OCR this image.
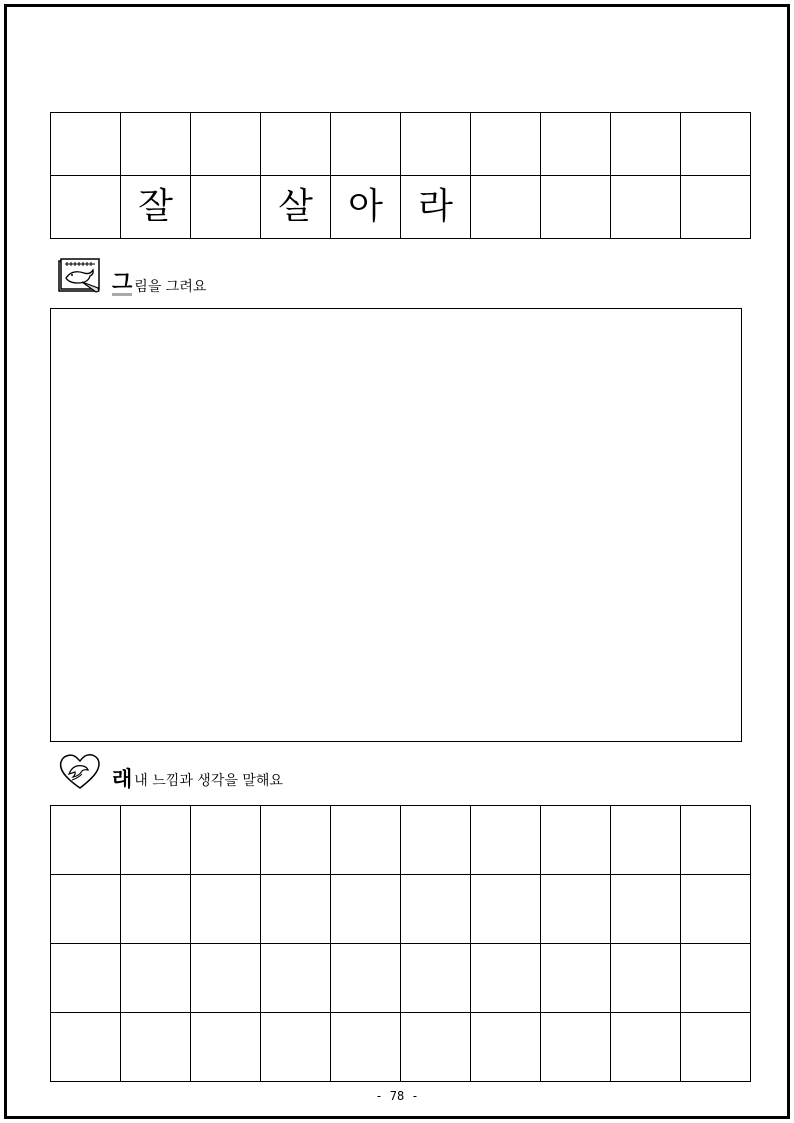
	잘		살	아	라				
그 림을 그려요
래 내 느낌과 생각을 말해요

- 78 -
